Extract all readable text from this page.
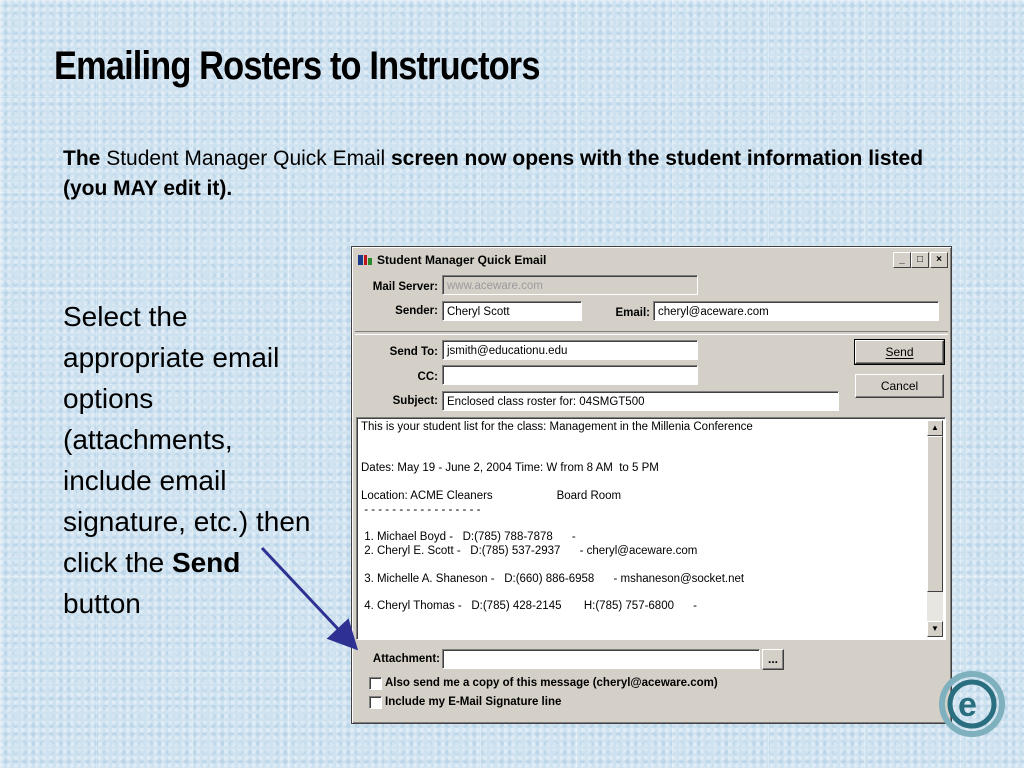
Emailing Rosters to Instructors
The Student Manager Quick Email screen now opens with the student information listed (you MAY edit it).
Select the appropriate email options (attachments, include email signature, etc.) then click the Send button
Student Manager Quick Email	_	□	×
Mail Server: www.aceware.com
Sender: Cheryl Scott	Email: cheryl@aceware.com
Send To: jsmith@educationu.edu
CC:
Subject: Enclosed class roster for: 04SMGT500
Send
Cancel
This is your student list for the class: Management in the Millenia Conference

Dates: May 19 - June 2, 2004 Time: W from 8 AM  to 5 PM

Location: ACME Cleaners                    Board Room
- - - - - - - - - - - - - - - - -

1. Michael Boyd -   D:(785) 788-7878      -
2. Cheryl E. Scott -   D:(785) 537-2937      - cheryl@aceware.com

3. Michelle A. Shaneson -   D:(660) 886-6958      - mshaneson@socket.net

4. Cheryl Thomas -   D:(785) 428-2145       H:(785) 757-6800      -
▲
▼
Attachment:	...
Also send me a copy of this message (cheryl@aceware.com)
Include my E-Mail Signature line	e
